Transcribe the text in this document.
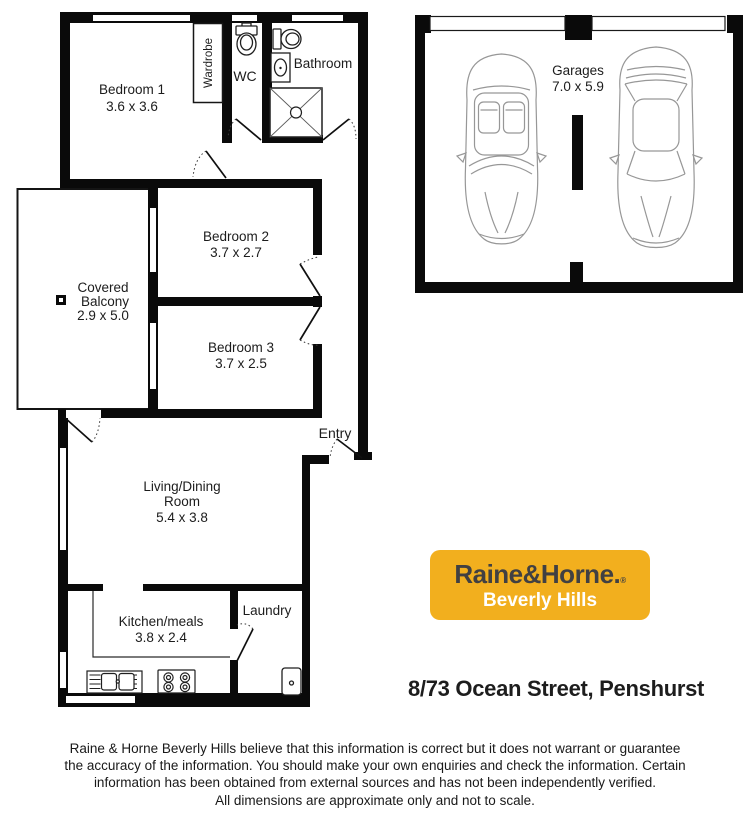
Bedroom 1
3.6 x 3.6
Wardrobe WC
Bathroom
Bedroom 2
3.7 x 2.7
Covered
Balcony
2.9 x 5.0
Bedroom 3
3.7 x 2.5
Entry
Living/Dining
Room
5.4 x 3.8
Kitchen/meals
3.8 x 2.4
Laundry
Garages
7.0 x 5.9
Raine&Horne.®
Beverly Hills
8/73 Ocean Street, Penshurst
Raine & Horne Beverly Hills believe that this information is correct but it does not warrant or guarantee
the accuracy of the information. You should make your own enquiries and check the information. Certain
information has been obtained from external sources and has not been independently verified.
All dimensions are approximate only and not to scale.
